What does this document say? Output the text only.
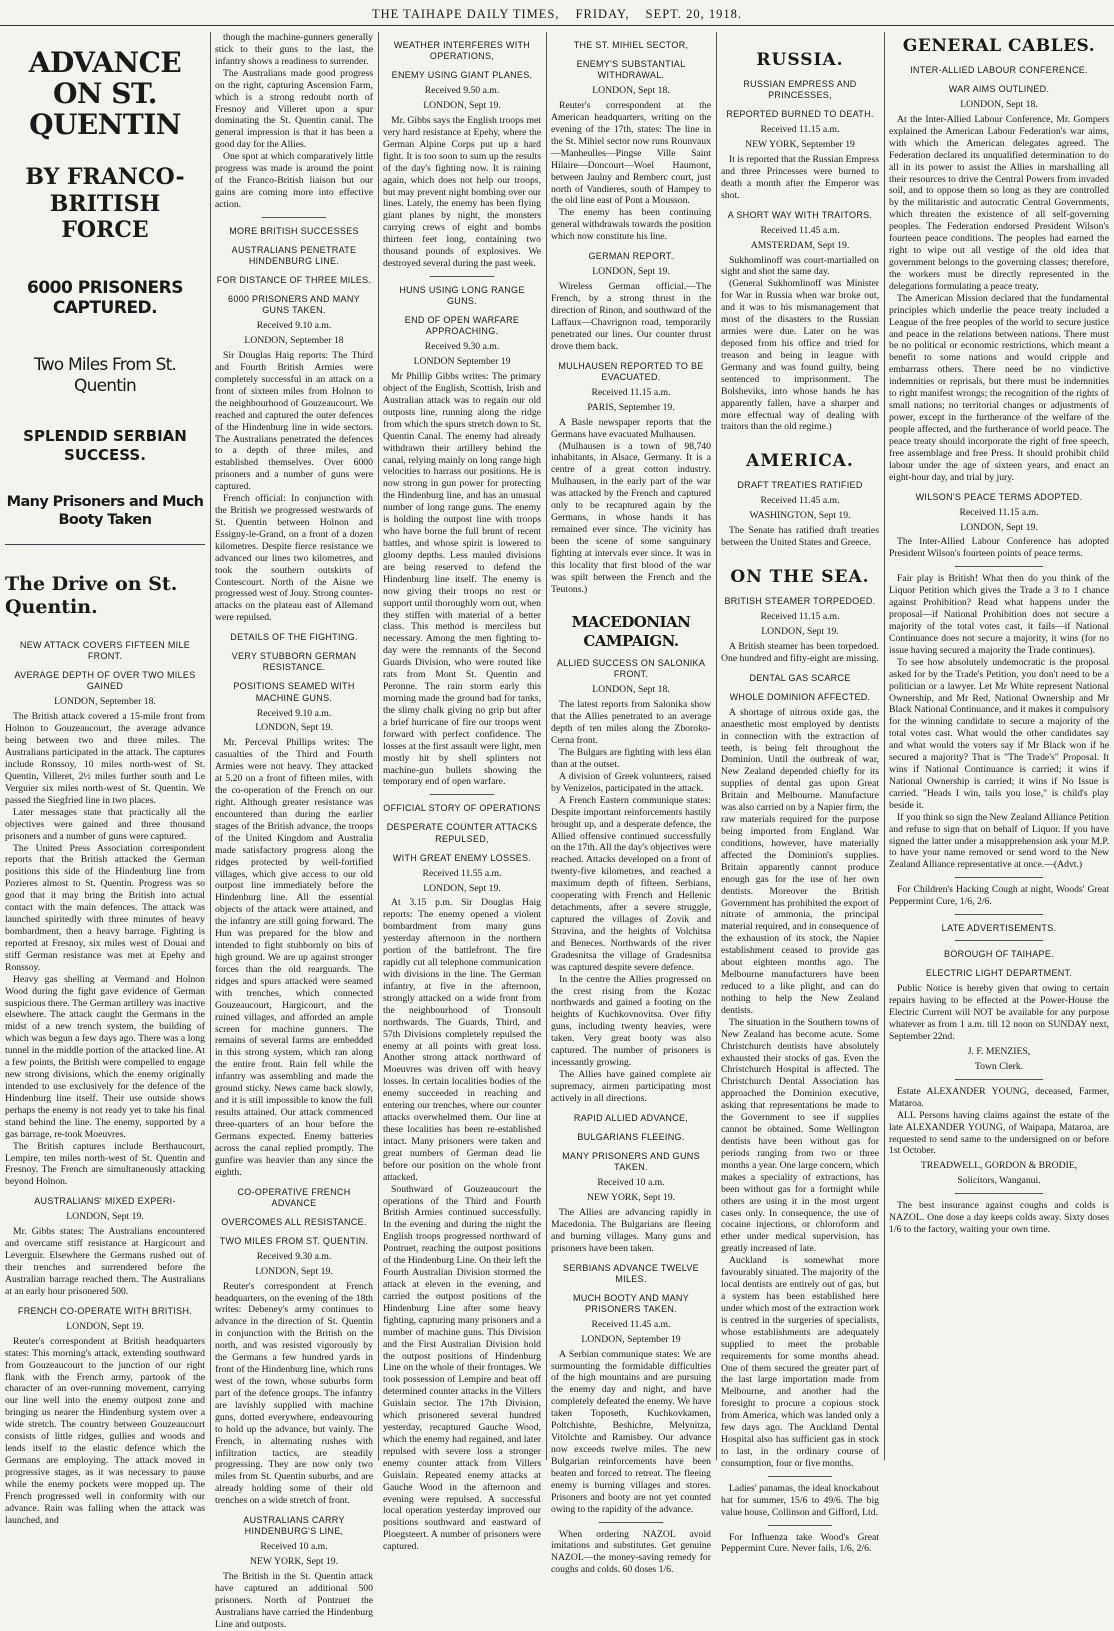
THE TAIHAPE DAILY TIMES, FRIDAY, SEPT. 20, 1918.
ADVANCE ON ST. QUENTIN
BY FRANCO-BRITISH FORCE
6000 PRISONERS CAPTURED.
Two Miles From St. Quentin
SPLENDID SERBIAN SUCCESS.
Many Prisoners and Much Booty Taken
The Drive on St. Quentin.
NEW ATTACK COVERS FIFTEEN MILE FRONT.
AVERAGE DEPTH OF OVER TWO MILES GAINED
LONDON, September 18.

The British attack covered a 15-mile front from Holnon to Gouzeaucourt, the average advance being between two and three miles. The Australians participated in the attack. The captures include Ronssoy, 10 miles north-west of St. Quentin, Villeret, 2½ miles further south and Le Verguier six miles north-west of St. Quentin. We passed the Siegfried line in two places.

Later messages state that practically all the objectives were gained and three thousand prisoners and a number of guns were captured.

The United Press Association correspondent reports that the British attacked the German positions this side of the Hindenburg line from Pozieres almost to St. Quentin. Progress was so good that it may bring the British into actual contact with the main defences. The attack was launched spiritedly with three minutes of heavy bombardment, then a heavy barrage. Fighting is reported at Fresnoy, six miles west of Douai and stiff German resistance was met at Epehy and Ronssoy.

Heavy gas shelling at Vermand and Holnon Wood during the fight gave evidence of German suspicious there. The German artillery was inactive elsewhere. The attack caught the Germans in the midst of a new trench system, the building of which was begun a few days ago. There was a long tunnel in the middle portion of the attacked line. At a few points, the British were compelled to engage new strong divisions, which the enemy originally intended to use exclusively for the defence of the Hindenburg line itself. Their use outside shows perhaps the enemy is not ready yet to take his final stand behind the line. The enemy, supported by a gas barrage, re-took Moeuvres.

The British captures include Berthaucourt, Lempire, ten miles north-west of St. Quentin and Fresnoy. The French are simultaneously attacking beyond Holnon.

AUSTRALIANS' MIXED EXPERI-
LONDON, Sept 19.

Mr. Gibbs states: The Australians encountered and overcame stiff resistance at Hargicourt and Leverguir. Elsewhere the Germans rushed out of their trenches and surrendered before the Australian barrage reached them. The Australians at an early hour prisonered 500.

FRENCH CO-OPERATE WITH BRITISH.
LONDON, Sept 19.

Reuter's correspondent at British headquarters states: This morning's attack, extending southward from Gouzeaucourt to the junction of our right flank with the French army, partook of the character of an over-running movement, carrying our line well into the enemy outpost zone and bringing us nearer the Hindenburg system over a wide stretch. The country between Gouzeaucourt consists of little ridges, gullies and woods and lends itself to the elastic defence which the Germans are employing. The attack moved in progressive stages, as it was necessary to pause while the enemy pockets were mopped up. The French progressed well in conformity with our advance. Rain was falling when the attack was launched, and

though the machine-gunners generally stick to their guns to the last, the infantry shows a readiness to surrender.

The Australians made good progress on the right, capturing Ascension Farm, which is a strong redoubt north of Fresnoy and Villeret upon a spur dominating the St. Quentin canal. The general impression is that it has been a good day for the Allies.

One spot at which comparatively little progress was made is around the point of the Franco-British liaison but our gains are coming more into effective action.

MORE BRITISH SUCCESSES
AUSTRALIANS PENETRATE HINDENBURG LINE.
FOR DISTANCE OF THREE MILES.
6000 PRISONERS AND MANY GUNS TAKEN.
Received 9.10 a.m.
LONDON, September 18

Sir Douglas Haig reports: The Third and Fourth British Armies were completely successful in an attack on a front of sixteen miles from Holnon to the neighbourhood of Gouzeaucourt. We reached and captured the outer defences of the Hindenburg line in wide sectors. The Australians penetrated the defences to a depth of three miles, and established themselves. Over 6000 prisoners and a number of guns were captured.

French official: In conjunction with the British we progressed westwards of St. Quentin between Holnon and Essigny-le-Grand, on a front of a dozen kilometres. Despite fierce resistance we advanced our lines two kilometres, and took the southern outskirts of Contescourt. North of the Aisne we progressed west of Jouy. Strong counter-attacks on the plateau east of Allemand were repulsed.

DETAILS OF THE FIGHTING.
VERY STUBBORN GERMAN RESISTANCE.
POSITIONS SEAMED WITH MACHINE GUNS.
Received 9.10 a.m.
LONDON, Sept 19.

Mr. Perceval Phillips writes: The casualties of the Third and Fourth Armies were not heavy. They attacked at 5.20 on a front of fifteen miles, with the co-operation of the French on our right. Although greater resistance was encountered than during the earlier stages of the British advance, the troops of the United Kingdom and Australia made satisfactory progress along the ridges protected by well-fortified villages, which give access to our old outpost line immediately before the Hindenburg line. All the essential objects of the attack were attained, and the infantry are still going forward. The Hun was prepared for the blow and intended to fight stubbornly on bits of high ground. We are up against stronger forces than the old rearguards. The ridges and spurs attacked were seamed with trenches, which connected Gouzeaucourt, Hargicourt, and the ruined villages, and afforded an ample screen for machine gunners. The remains of several farms are embedded in this strong system, which ran along the entire front. Rain fell while the infantry was assembling and made the ground sticky. News came back slowly, and it is still impossible to know the full results attained. Our attack commenced three-quarters of an hour before the Germans expected. Enemy batteries across the canal replied promptly. The gunfire was heavier than any since the eighth.

CO-OPERATIVE FRENCH ADVANCE
OVERCOMES ALL RESISTANCE.
TWO MILES FROM ST. QUENTIN.
Received 9.30 a.m.
LONDON, Sept 19.

Reuter's correspondent at French headquarters, on the evening of the 18th writes: Debeney's army continues to advance in the direction of St. Quentin in conjunction with the British on the north, and was resisted vigorously by the Germans a few hundred yards in front of the Hindenburg line, which runs west of the town, whose suburbs form part of the defence groups. The infantry are lavishly supplied with machine guns, dotted everywhere, endeavouring to hold up the advance, but vainly. The French, in alternating rushes with infiltration tactics, are steadily progressing. They are now only two miles from St. Quentin suburbs, and are already holding some of their old trenches on a wide stretch of front.

AUSTRALIANS CARRY HINDENBURG'S LINE,
Received 10 a.m.
NEW YORK, Sept 19.

The British in the St. Quentin attack have captured an additional 500 prisoners. North of Pontruet the Australians have carried the Hindenburg Line and outposts.

WEATHER INTERFERES WITH OPERATIONS,
ENEMY USING GIANT PLANES.
Received 9.50 a.m.
LONDON, Sept 19.

Mr. Gibbs says the English troops met very hard resistance at Epehy, where the German Alpine Corps put up a hard fight. It is too soon to sum up the results of the day's fighting now. It is raining again, which does not help our troops, but may prevent night bombing over our lines. Lately, the enemy has been flying giant planes by night, the monsters carrying crews of eight and bombs thirteen feet long, containing two thousand pounds of explosives. We destroyed several during the past week.

HUNS USING LONG RANGE GUNS.
END OF OPEN WARFARE APPROACHING.
Received 9.30 a.m.
LONDON September 19

Mr Phillip Gibbs writes: The primary object of the English, Scottish, Irish and Australian attack was to regain our old outposts line, running along the ridge from which the spurs stretch down to St. Quentin Canal. The enemy had already withdrawn their artillery behind the canal, relying mainly on long range high velocities to harrass our positions. He is now strong in gun power for protecting the Hindenburg line, and has an unusual number of long range guns. The enemy is holding the outpost line with troops who have borne the full brunt of recent battles, and whose spirit is lowered to gloomy depths. Less mauled divisions are being reserved to defend the Hindenburg line itself. The enemy is now giving their troops no rest or support until thoroughly worn out, when they stiffen with material of a better class. This method is merciless but necessary. Among the men fighting to-day were the remnants of the Second Guards Division, who were routed like rats from Mont St. Quentin and Peronne. The rain storm early this morning made the ground bad for tanks, the slimy chalk giving no grip but after a brief hurricane of fire our troops went forward with perfect confidence. The losses at the first assault were light, men mostly hit by shell splinters not machine-gun bullets showing the temporary end of open warfare.

OFFICIAL STORY OF OPERATIONS
DESPERATE COUNTER ATTACKS REPULSED,
WITH GREAT ENEMY LOSSES.
Received 11.55 a.m.
LONDON, Sept 19.

At 3.15 p.m. Sir Douglas Haig reports: The enemy opened a violent bombardment from many guns yesterday afternoon in the northern portion of the battlefront. The fire rapidly cut all telephone communication with divisions in the line. The German infantry, at five in the afternoon, strongly attacked on a wide front from the neighbourhood of Tronsoult northwards. The Guards, Third, and 57th Divisions completely repulsed the enemy at all points with great loss. Another strong attack northward of Moeuvres was driven off with heavy losses. In certain localities bodies of the enemy succeeded in reaching and entering our trenches, where our counter attacks overwhelmed them. Our line at these localities has been re-established intact. Many prisoners were taken and great numbers of German dead lie before our position on the whole front attacked.

Southward of Gouzeaucourt the operations of the Third and Fourth British Armies continued successfully. In the evening and during the night the English troops progressed northward of Pontruet, reaching the outpost positions of the Hindenburg Line. On their left the Fourth Australian Division stormed the attack at eleven in the evening, and carried the outpost positions of the Hindenburg Line after some heavy fighting, capturing many prisoners and a number of machine guns. This Division and the First Australian Division hold the outpost positions of Hindenburg Line on the whole of their frontages. We took possession of Lempire and beat off determined counter attacks in the Villers Guislain sector. The 17th Division, which prisonered several hundred yesterday, recaptured Gauche Wood, which the enemy had regained, and later repulsed with severe loss a stronger enemy counter attack from Villers Guislain. Repeated enemy attacks at Gauche Wood in the afternoon and evening were repulsed. A successful local operation yesterday improved our positions southward and eastward of Ploegsteert. A number of prisoners were captured.

THE ST. MIHIEL SECTOR,
ENEMY'S SUBSTANTIAL WITHDRAWAL.
LONDON, Sept 18.

Reuter's correspondent at the American headquarters, writing on the evening of the 17th, states: The line in the St. Mihiel sector now runs Rounvaux—Manheulles—Pingse Ville Saint Hilaire—Doncourt—Woel Haumont, between Jaulny and Remberc court, just north of Vandieres, south of Hampey to the old line east of Pont a Mousson.

The enemy has been continuing general withdrawals towards the position which now constitute his line.

GERMAN REPORT.
LONDON, Sept 19.

Wireless German official.—The French, by a strong thrust in the direction of Rinon, and southward of the Laffaux—Chavrignon road, temporarily penetrated our lines. Our counter thrust drove them back.

MULHAUSEN REPORTED TO BE EVACUATED.
Received 11.15 a.m.
PARIS, September 19.

A Basle newspaper reports that the Germans have evacuated Mulhausen.

(Mulhausen is a town of 98,740 inhabitants, in Alsace, Germany. It is a centre of a great cotton industry. Mulhausen, in the early part of the war was attacked by the French and captured only to be recaptured again by the Germans, in whose hands it has remained ever since. The vicinity has been the scene of some sanguinary fighting at intervals ever since. It was in this locality that first blood of the war was spilt between the French and the Teutons.)

MACEDONIAN CAMPAIGN.
ALLIED SUCCESS ON SALONIKA FRONT.
LONDON, Sept 18.

The latest reports from Salonika show that the Allies penetrated to an average depth of ten miles along the Zboroko-Cerna front.

The Bulgars are fighting with less élan than at the outset.

A division of Greek volunteers, raised by Venizelos, participated in the attack.

A French Eastern communique states: Despite important reinforcements hastily brought up, and a desperate defence, the Allied offensive continued successfully on the 17th. All the day's objectives were reached. Attacks developed on a front of twenty-five kilometres, and reached a maximum depth of fifteen. Serbians, cooperating with French and Hellenic detachments, after a severe struggle, captured the villages of Zovik and Stravina, and the heights of Volchitsa and Beneces. Northwards of the river Gradesnitsa the village of Gradesnitsa was captured despite severe defence.

In the centre the Allies progressed on the crest rising from the Kozac northwards and gained a footing on the heights of Kuchkovnovitsa. Over fifty guns, including twenty heavies, were taken. Very great booty was also captured. The number of prisoners is incessantly growing.

The Allies have gained complete air supremacy, airmen participating most actively in all directions.

RAPID ALLIED ADVANCE,
BULGARIANS FLEEING.
MANY PRISONERS AND GUNS TAKEN.
Received 10 a.m.
NEW YORK, Sept 19.

The Allies are advancing rapidly in Macedonia. The Bulgarians are fleeing and burning villages. Many guns and prisoners have been taken.

SERBIANS ADVANCE TWELVE MILES.
MUCH BOOTY AND MANY PRISONERS TAKEN.
Received 11.45 a.m.
LONDON, September 19

A Serbian communique states: We are surmounting the formidable difficulties of the high mountains and are pursuing the enemy day and night, and have completely defeated the enemy. We have taken Toposeth, Kuchkovkamen, Poltchishte, Beshichte, Melynitza, Vitolchte and Ramisbey. Our advance now exceeds twelve miles. The new Bulgarian reinforcements have been beaten and forced to retreat. The fleeing enemy is burning villages and stores. Prisoners and booty are not yet counted owing to the rapidity of the advance.

When ordering NAZOL avoid imitations and substitutes. Get genuine NAZOL—the money-saving remedy for coughs and colds. 60 doses 1/6.

RUSSIA.
RUSSIAN EMPRESS AND PRINCESSES,
REPORTED BURNED TO DEATH.
Received 11.15 a.m.
NEW YORK, September 19

It is reported that the Russian Empress and three Princesses were burned to death a month after the Emperor was shot.

A SHORT WAY WITH TRAITORS.
Received 11.45 a.m.
AMSTERDAM, Sept 19.

Sukhomlinoff was court-martialled on sight and shot the same day.

(General Sukhomlinoff was Minister for War in Russia when war broke out, and it was to his mismanagement that most of the disasters to the Russian armies were due. Later on he was deposed from his office and tried for treason and being in league with Germany and was found guilty, being sentenced to imprisonment. The Bolsheviks, into whose hands he has apparently fallen, have a sharper and more effectual way of dealing with traitors than the old regime.)

AMERICA.
DRAFT TREATIES RATIFIED
Received 11.45 a.m.
WASHINGTON, Sept 19.

The Senate has ratified draft treaties between the United States and Greece.

ON THE SEA.
BRITISH STEAMER TORPEDOED.
Received 11.15 a.m.
LONDON, Sept 19.

A British steamer has been torpedoed. One hundred and fifty-eight are missing.

DENTAL GAS SCARCE
WHOLE DOMINION AFFECTED.

A shortage of nitrous oxide gas, the anaesthetic most employed by dentists in connection with the extraction of teeth, is being felt throughout the Dominion. Until the outbreak of war, New Zealand depended chiefly for its supplies of dental gas upon Great Britain and Melbourne. Manufacture was also carried on by a Napier firm, the raw materials required for the purpose being imported from England. War conditions, however, have materially affected the Dominion's supplies. Britain apparently cannot produce enough gas for the use of her own dentists. Moreover the British Government has prohibited the export of nitrate of ammonia, the principal material required, and in consequence of the exhaustion of its stock, the Napier establishment ceased to provide gas about eighteen months ago. The Melbourne manufacturers have been reduced to a like plight, and can do nothing to help the New Zealand dentists.

The situation in the Southern towns of New Zealand has become acute. Some Christchurch dentists have absolutely exhausted their stocks of gas. Even the Christchurch Hospital is affected. The Christchurch Dental Association has approached the Dominion executive, asking that representations be made to the Government to see if supplies cannot be obtained. Some Wellington dentists have been without gas for periods ranging from two or three months a year. One large concern, which makes a speciality of extractions, has been without gas for a fortnight while others are using it in the most urgent cases only. In consequence, the use of cocaine injections, or chloroform and ether under medical supervision, has greatly increased of late.

Auckland is somewhat more favourably situated. The majority of the local dentists are entirely out of gas, but a system has been established here under which most of the extraction work is centred in the surgeries of specialists, whose establishments are adequately supplied to meet the probable requirements for some months ahead. One of them secured the greater part of the last large importation made from Melbourne, and another had the foresight to procure a copious stock from America, which was landed only a few days ago. The Auckland Dental Hospital also has sufficient gas in stock to last, in the ordinary course of consumption, four or five months.

Ladies' panamas, the ideal knockabout hat for summer, 15/6 to 49/6. The big value house, Collinson and Gifford, Ltd.

For Influenza take Wood's Great Peppermint Cure. Never fails, 1/6, 2/6.

GENERAL CABLES.
INTER-ALLIED LABOUR CONFERENCE.
WAR AIMS OUTLINED.
LONDON, Sept 18.

At the Inter-Allied Labour Conference, Mr. Gompers explained the American Labour Federation's war aims, with which the American delegates agreed. The Federation declared its unqualified determination to do all in its power to assist the Allies in marshalling all their resources to drive the Central Powers from invaded soil, and to oppose them so long as they are controlled by the militaristic and autocratic Central Governments, which threaten the existence of all self-governing peoples. The Federation endorsed President Wilson's fourteen peace conditions. The peoples had earned the right to wipe out all vestige of the old idea that government belongs to the governing classes; therefore, the workers must be directly represented in the delegations formulating a peace treaty.

The American Mission declared that the fundamental principles which underlie the peace treaty included a League of the free peoples of the world to secure justice and peace in the relations between nations. There must be no political or economic restrictions, which meant a benefit to some nations and would cripple and embarrass others. There need be no vindictive indemnities or reprisals, but there must be indemnities to right manifest wrongs; the recognition of the rights of small nations; no territorial changes or adjustments of power, except in the furtherance of the welfare of the people affected, and the furtherance of world peace. The peace treaty should incorporate the right of free speech, free assemblage and free Press. It should prohibit child labour under the age of sixteen years, and enact an eight-hour day, and trial by jury.

WILSON'S PEACE TERMS ADOPTED.
Received 11.15 a.m.
LONDON, Sept 19.

The Inter-Allied Labour Conference has adopted President Wilson's fourteen points of peace terms.

Fair play is British! What then do you think of the Liquor Petition which gives the Trade a 3 to 1 chance against Prohibition? Read what happens under the proposal—if National Prohibition does not secure a majority of the total votes cast, it fails—if National Continuance does not secure a majority, it wins (for no issue having secured a majority the Trade continues).

To see how absolutely undemocratic is the proposal asked for by the Trade's Petition, you don't need to be a politician or a lawyer. Let Mr White represent National Ownership, and Mr Red, National Ownership and Mr Black National Continuance, and it makes it compulsory for the winning candidate to secure a majority of the total votes cast. What would the other candidates say and what would the voters say if Mr Black won if he secured a majority? That is "The Trade's" Proposal. It wins if National Continuance is carried; it wins if National Ownership is carried; it wins if No Issue is carried. "Heads I win, tails you lose," is child's play beside it.

If you think so sign the New Zealand Alliance Petition and refuse to sign that on behalf of Liquor. If you have signed the latter under a misapprehension ask your M.P. to have your name removed or send word to the New Zealand Alliance representative at once.—(Advt.)

For Children's Hacking Cough at night, Woods' Great Peppermint Cure, 1/6, 2/6.

LATE ADVERTISEMENTS.
BOROUGH OF TAIHAPE.
ELECTRIC LIGHT DEPARTMENT.

Public Notice is hereby given that owing to certain repairs having to be effected at the Power-House the Electric Current will NOT be available for any purpose whatever as from 1 a.m. till 12 noon on SUNDAY next, September 22nd.

J. F. MENZIES,
Town Clerk.

Estate ALEXANDER YOUNG, deceased, Farmer, Mataroa.

ALL Persons having claims against the estate of the late ALEXANDER YOUNG, of Waipapa, Mataroa, are requested to send same to the undersigned on or before 1st October.

TREADWELL, GORDON & BRODIE,
Solicitors, Wanganui.

The best insurance against coughs and colds is NAZOL. One dose a day keeps colds away. Sixty doses 1/6 to the factory, waiting your own time.
